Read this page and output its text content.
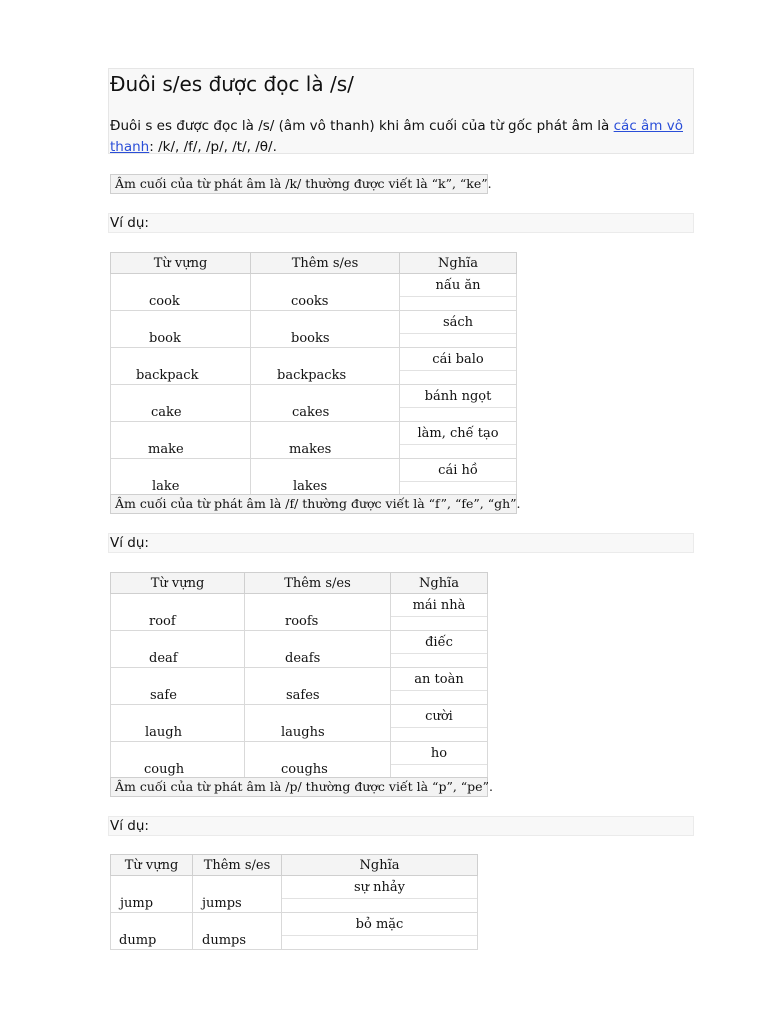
Đuôi s/es được đọc là /s/

Đuôi s es được đọc là /s/ (âm vô thanh) khi âm cuối của từ gốc phát âm là các âm vô thanh: /k/, /f/, /p/, /t/, /θ/.

Âm cuối của từ phát âm là /k/ thường được viết là “k”, “ke”.

Ví dụ:

Từ vựng	Thêm s/es	Nghĩa
cook	cooks	nấu ăn

book	books	sách

backpack	backpacks	cái balo

cake	cakes	bánh ngọt

make	makes	làm, chế tạo

lake	lakes	cái hồ
Âm cuối của từ phát âm là /f/ thường được viết là “f”, “fe”, “gh”.

Ví dụ:

Từ vựng	Thêm s/es	Nghĩa
roof	roofs	mái nhà

deaf	deafs	điếc

safe	safes	an toàn

laugh	laughs	cười

cough	coughs	ho
Âm cuối của từ phát âm là /p/ thường được viết là “p”, “pe”.

Ví dụ:

Từ vựng	Thêm s/es	Nghĩa
jump	jumps	sự nhảy

dump	dumps	bỏ mặc
